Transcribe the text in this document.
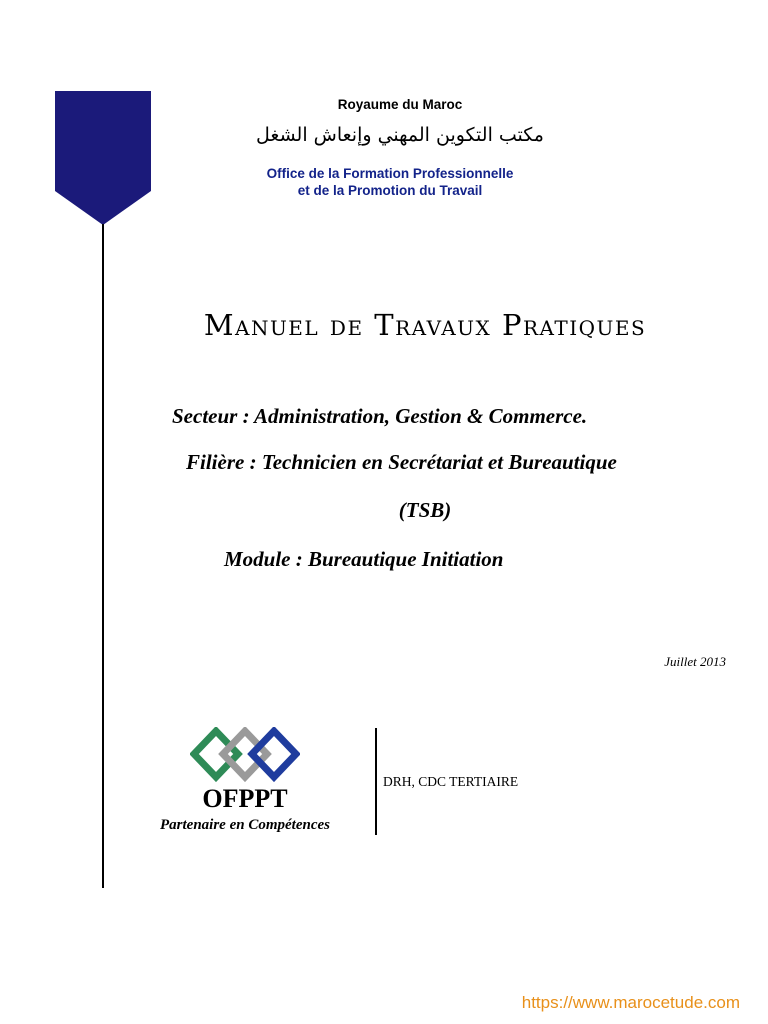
Royaume du Maroc
مكتب التكوين المهني وإنعاش الشغل
Office de la Formation Professionnelle
et de la Promotion du Travail
Manuel de Travaux Pratiques
Secteur : Administration, Gestion & Commerce.
Filière : Technicien en Secrétariat et Bureautique
(TSB)
Module : Bureautique Initiation
Juillet 2013
OFPPT
Partenaire en Compétences
DRH, CDC TERTIAIRE
https://www.marocetude.com
